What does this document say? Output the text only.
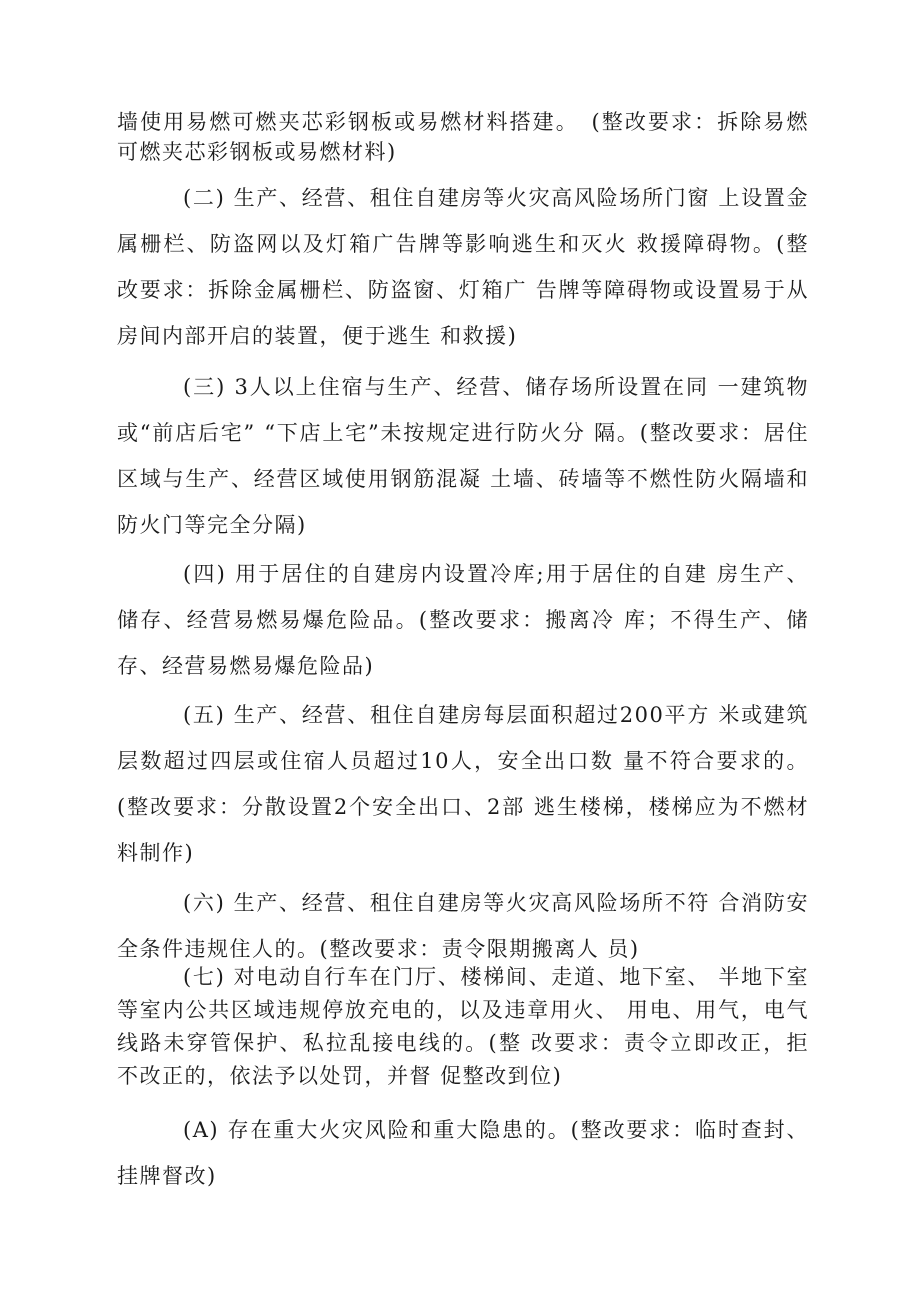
墙使用易燃可燃夹芯彩钢板或易燃材料搭建。　(整改要求：拆除易燃可燃夹芯彩钢板或易燃材料)

(二) 生产、经营、租住自建房等火灾高风险场所门窗 上设置金属栅栏、防盗网以及灯箱广告牌等影响逃生和灭火 救援障碍物。(整改要求：拆除金属栅栏、防盗窗、灯箱广 告牌等障碍物或设置易于从房间内部开启的装置，便于逃生 和救援)

(三) 3人以上住宿与生产、经营、储存场所设置在同 一建筑物或“前店后宅” “下店上宅”未按规定进行防火分 隔。(整改要求：居住区域与生产、经营区域使用钢筋混凝 土墙、砖墙等不燃性防火隔墙和防火门等完全分隔)

(四) 用于居住的自建房内设置冷库;用于居住的自建 房生产、储存、经营易燃易爆危险品。(整改要求：搬离冷 库；不得生产、储存、经营易燃易爆危险品)

(五) 生产、经营、租住自建房每层面积超过200平方 米或建筑层数超过四层或住宿人员超过10人，安全出口数 量不符合要求的。(整改要求：分散设置2个安全出口、2部 逃生楼梯，楼梯应为不燃材料制作)

(六) 生产、经营、租住自建房等火灾高风险场所不符 合消防安全条件违规住人的。(整改要求：责令限期搬离人 员)

(七) 对电动自行车在门厅、楼梯间、走道、地下室、 半地下室等室内公共区域违规停放充电的，以及违章用火、 用电、用气，电气线路未穿管保护、私拉乱接电线的。(整 改要求：责令立即改正，拒不改正的，依法予以处罚，并督 促整改到位)

(A) 存在重大火灾风险和重大隐患的。(整改要求：临时查封、挂牌督改)
